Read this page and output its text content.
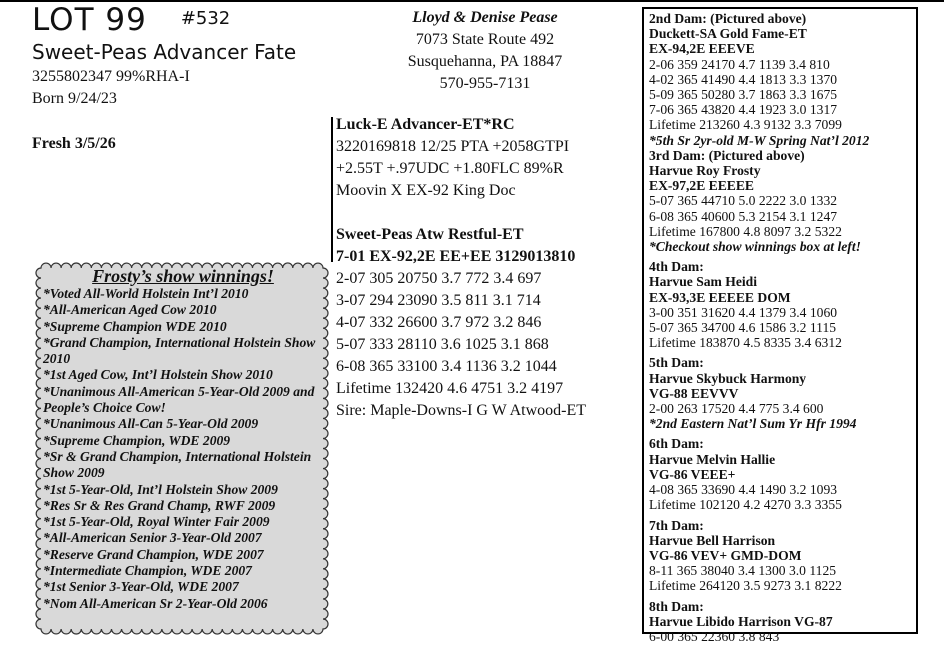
LOT 99 #532
Sweet-Peas Advancer Fate
3255802347 99%RHA-I
Born 9/24/23
Fresh 3/5/26
Lloyd & Denise Pease
7073 State Route 492
Susquehanna, PA 18847
570-955-7131
Luck-E Advancer-ET*RC
3220169818 12/25 PTA +2058GTPI
+2.55T +.97UDC +1.80FLC 89%R
Moovin X EX-92 King Doc
Sweet-Peas Atw Restful-ET
7-01 EX-92,2E EE+EE 3129013810
2-07 305 20750 3.7 772 3.4 697
3-07 294 23090 3.5 811 3.1 714
4-07 332 26600 3.7 972 3.2 846
5-07 333 28110 3.6 1025 3.1 868
6-08 365 33100 3.4 1136 3.2 1044
Lifetime 132420 4.6 4751 3.2 4197
Sire: Maple-Downs-I G W Atwood-ET
Frosty’s show winnings!
*Voted All-World Holstein Int’l 2010
*All-American Aged Cow 2010
*Supreme Champion WDE 2010
*Grand Champion, International Holstein Show 2010
*1st Aged Cow, Int’l Holstein Show 2010
*Unanimous All-American 5-Year-Old 2009 and People’s Choice Cow!
*Unanimous All-Can 5-Year-Old 2009
*Supreme Champion, WDE 2009
*Sr & Grand Champion, International Holstein Show 2009
*1st 5-Year-Old, Int’l Holstein Show 2009
*Res Sr & Res Grand Champ, RWF 2009
*1st 5-Year-Old, Royal Winter Fair 2009
*All-American Senior 3-Year-Old 2007
*Reserve Grand Champion, WDE 2007
*Intermediate Champion, WDE 2007
*1st Senior 3-Year-Old, WDE 2007
*Nom All-American Sr 2-Year-Old 2006
2nd Dam: (Pictured above)
Duckett-SA Gold Fame-ET
EX-94,2E EEEVE
2-06 359 24170 4.7 1139 3.4 810
4-02 365 41490 4.4 1813 3.3 1370
5-09 365 50280 3.7 1863 3.3 1675
7-06 365 43820 4.4 1923 3.0 1317
Lifetime 213260 4.3 9132 3.3 7099
*5th Sr 2yr-old M-W Spring Nat’l 2012
3rd Dam: (Pictured above)
Harvue Roy Frosty
EX-97,2E EEEEE
5-07 365 44710 5.0 2222 3.0 1332
6-08 365 40600 5.3 2154 3.1 1247
Lifetime 167800 4.8 8097 3.2 5322
*Checkout show winnings box at left!
4th Dam:
Harvue Sam Heidi
EX-93,3E EEEEE DOM
3-00 351 31620 4.4 1379 3.4 1060
5-07 365 34700 4.6 1586 3.2 1115
Lifetime 183870 4.5 8335 3.4 6312
5th Dam:
Harvue Skybuck Harmony
VG-88 EEVVV
2-00 263 17520 4.4 775 3.4 600
*2nd Eastern Nat’l Sum Yr Hfr 1994
6th Dam:
Harvue Melvin Hallie
VG-86 VEEE+
4-08 365 33690 4.4 1490 3.2 1093
Lifetime 102120 4.2 4270 3.3 3355
7th Dam:
Harvue Bell Harrison
VG-86 VEV+ GMD-DOM
8-11 365 38040 3.4 1300 3.0 1125
Lifetime 264120 3.5 9273 3.1 8222
8th Dam:
Harvue Libido Harrison VG-87
6-00 365 22360 3.8 843
